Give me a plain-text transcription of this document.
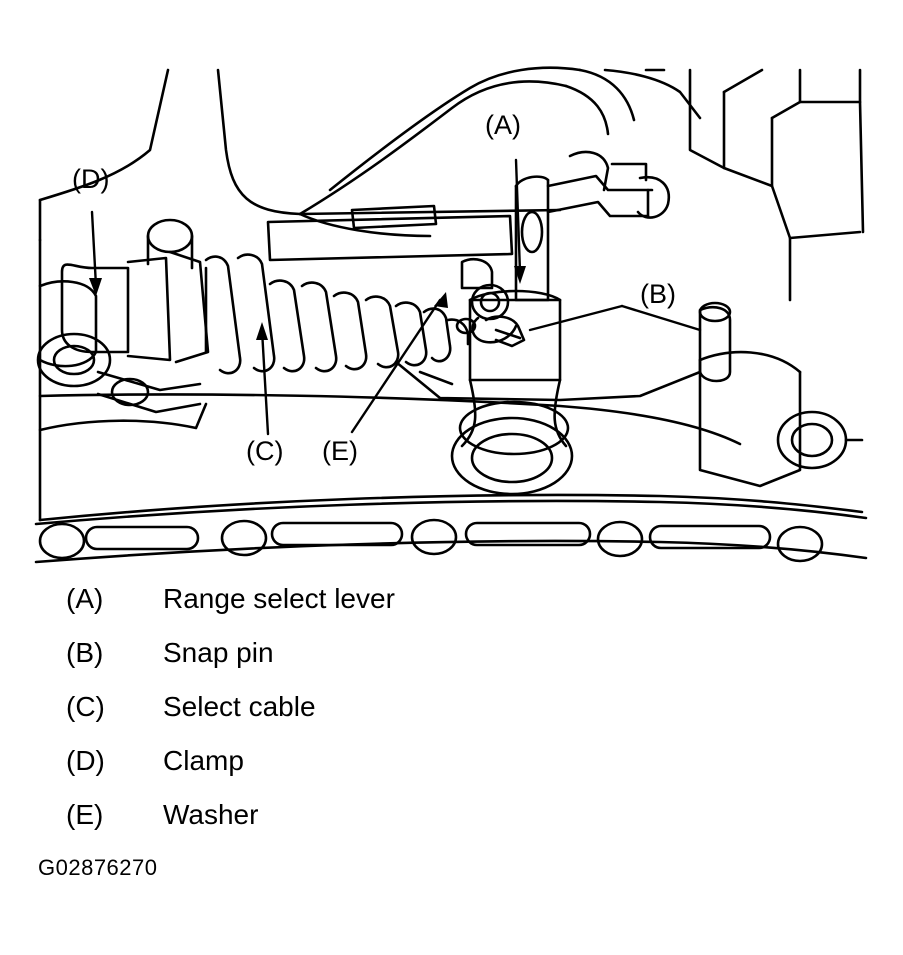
(A)
(B)
(C)
(D)
(E)
(A)	Range select lever
(B)	Snap pin
(C)	Select cable
(D)	Clamp
(E)	Washer
G02876270
